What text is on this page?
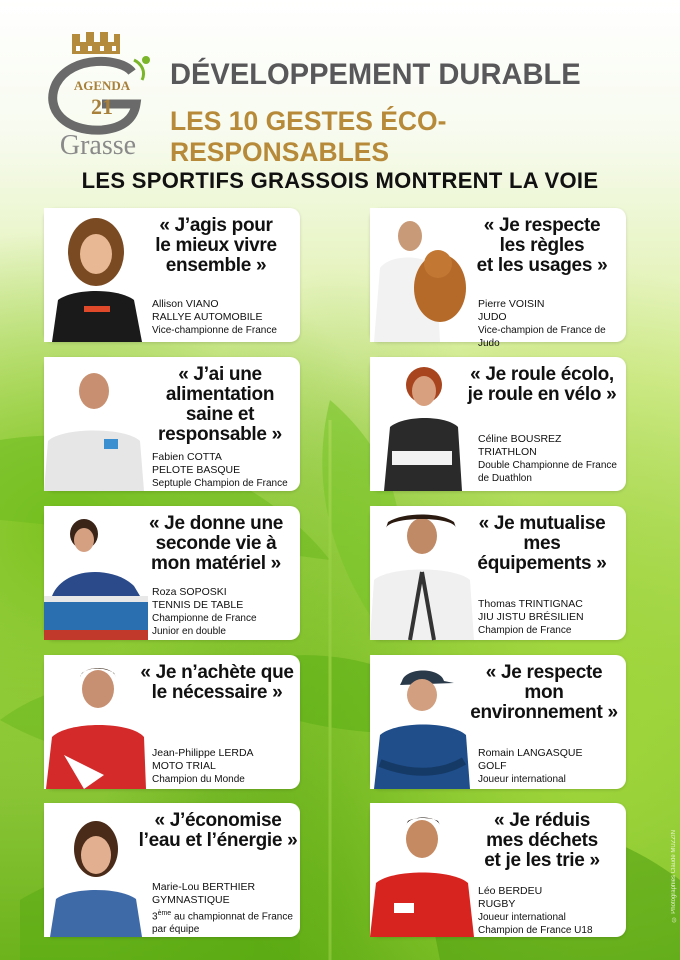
AGENDA
21
Grasse
DÉVELOPPEMENT DURABLE
LES 10 GESTES ÉCO-RESPONSABLES
LES SPORTIFS GRASSOIS MONTRENT LA VOIE
« J’agis pour
le mieux vivre
ensemble »
Allison VIANO
RALLYE AUTOMOBILE
Vice-championne de France
« Je respecte
les règles
et les usages »
Pierre VOISIN
JUDO
Vice-champion de France de Judo
« J’ai une
alimentation
saine et
responsable »
Fabien COTTA
PELOTE BASQUE
Septuple Champion de France
« Je roule écolo,
je roule en vélo »
Céline BOUSREZ
TRIATHLON
Double Championne de France
de Duathlon
« Je donne une
seconde vie à
mon matériel »
Roza SOPOSKI
TENNIS DE TABLE
Championne de France
Junior en double
« Je mutualise
mes équipements »
Thomas TRINTIGNAC
JIU JISTU BRÉSILIEN
Champion de France
« Je n’achète que
le nécessaire »
Jean-Philippe LERDA
MOTO TRIAL
Champion du Monde
« Je respecte mon
environnement »
Romain LANGASQUE
GOLF
Joueur international
« J’économise
l’eau et l’énergie »
Marie-Lou BERTHIER
GYMNASTIQUE
3ème au championnat de France
par équipe
« Je réduis
mes déchets
et je les trie »
Léo BERDEU
RUGBY
Joueur international
Champion de France U18
© Photographies Claude MUZZIN
